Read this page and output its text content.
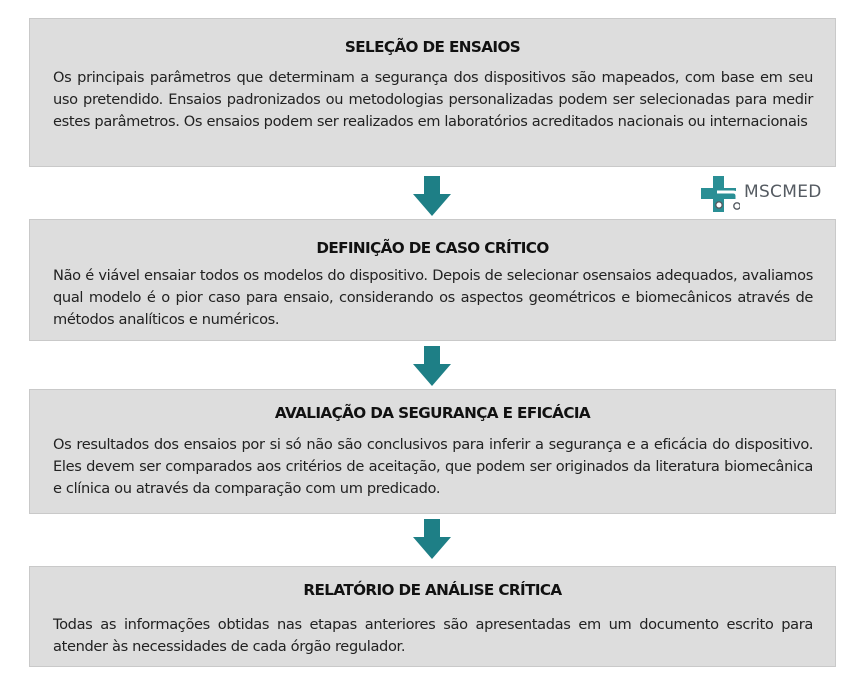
SELEÇÃO DE ENSAIOS

Os principais parâmetros que determinam a segurança dos dispositivos são mapeados, com base em seu uso pretendido. Ensaios padronizados ou metodologias personalizadas podem ser selecionadas para medir estes parâmetros. Os ensaios podem ser realizados em laboratórios acreditados nacionais ou internacionais

MSCMED
DEFINIÇÃO DE CASO CRÍTICO

Não é viável ensaiar todos os modelos do dispositivo. Depois de selecionar osensaios adequados, avaliamos qual modelo é o pior caso para ensaio, considerando os aspectos geométricos e biomecânicos através de métodos analíticos e numéricos.

AVALIAÇÃO DA SEGURANÇA E EFICÁCIA

Os resultados dos ensaios por si só não são conclusivos para inferir a segurança e a eficácia do dispositivo. Eles devem ser comparados aos critérios de aceitação, que podem ser originados da literatura biomecânica e clínica ou através da comparação com um predicado.

RELATÓRIO DE ANÁLISE CRÍTICA

Todas as informações obtidas nas etapas anteriores são apresentadas em um documento escrito para atender às necessidades de cada órgão regulador.
